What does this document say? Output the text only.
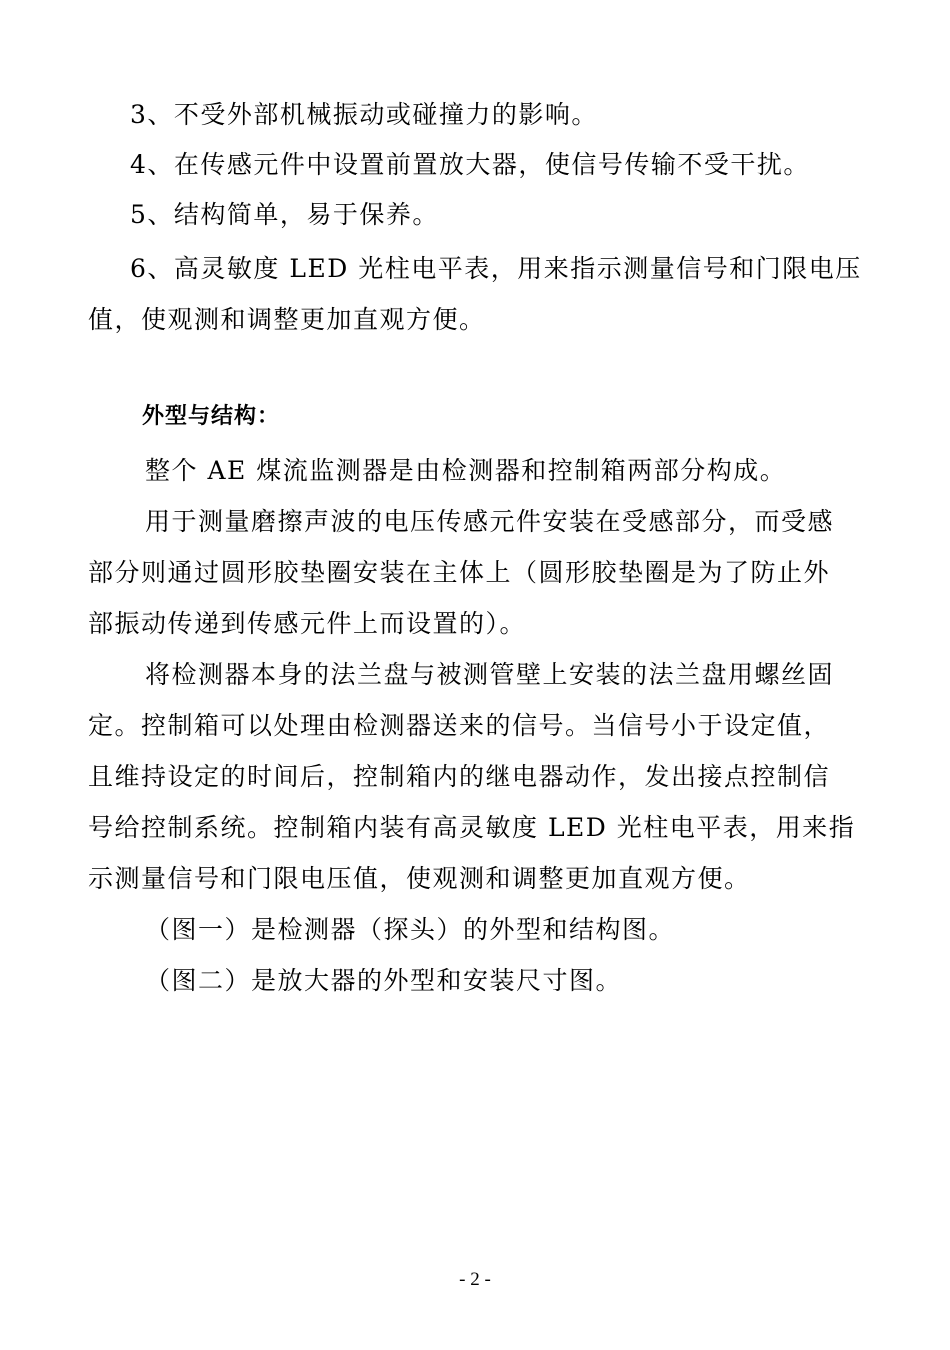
3、不受外部机械振动或碰撞力的影响。
4、在传感元件中设置前置放大器，使信号传输不受干扰。
5、结构简单，易于保养。
6、高灵敏度 LED 光柱电平表，用来指示测量信号和门限电压
值，使观测和调整更加直观方便。
外型与结构：
整个 AE 煤流监测器是由检测器和控制箱两部分构成。
用于测量磨擦声波的电压传感元件安装在受感部分，而受感
部分则通过圆形胶垫圈安装在主体上（圆形胶垫圈是为了防止外
部振动传递到传感元件上而设置的）。
将检测器本身的法兰盘与被测管壁上安装的法兰盘用螺丝固
定。控制箱可以处理由检测器送来的信号。当信号小于设定值，
且维持设定的时间后，控制箱内的继电器动作，发出接点控制信
号给控制系统。控制箱内装有高灵敏度 LED 光柱电平表，用来指
示测量信号和门限电压值，使观测和调整更加直观方便。
（图一）是检测器（探头）的外型和结构图。
（图二）是放大器的外型和安装尺寸图。
- 2 -
